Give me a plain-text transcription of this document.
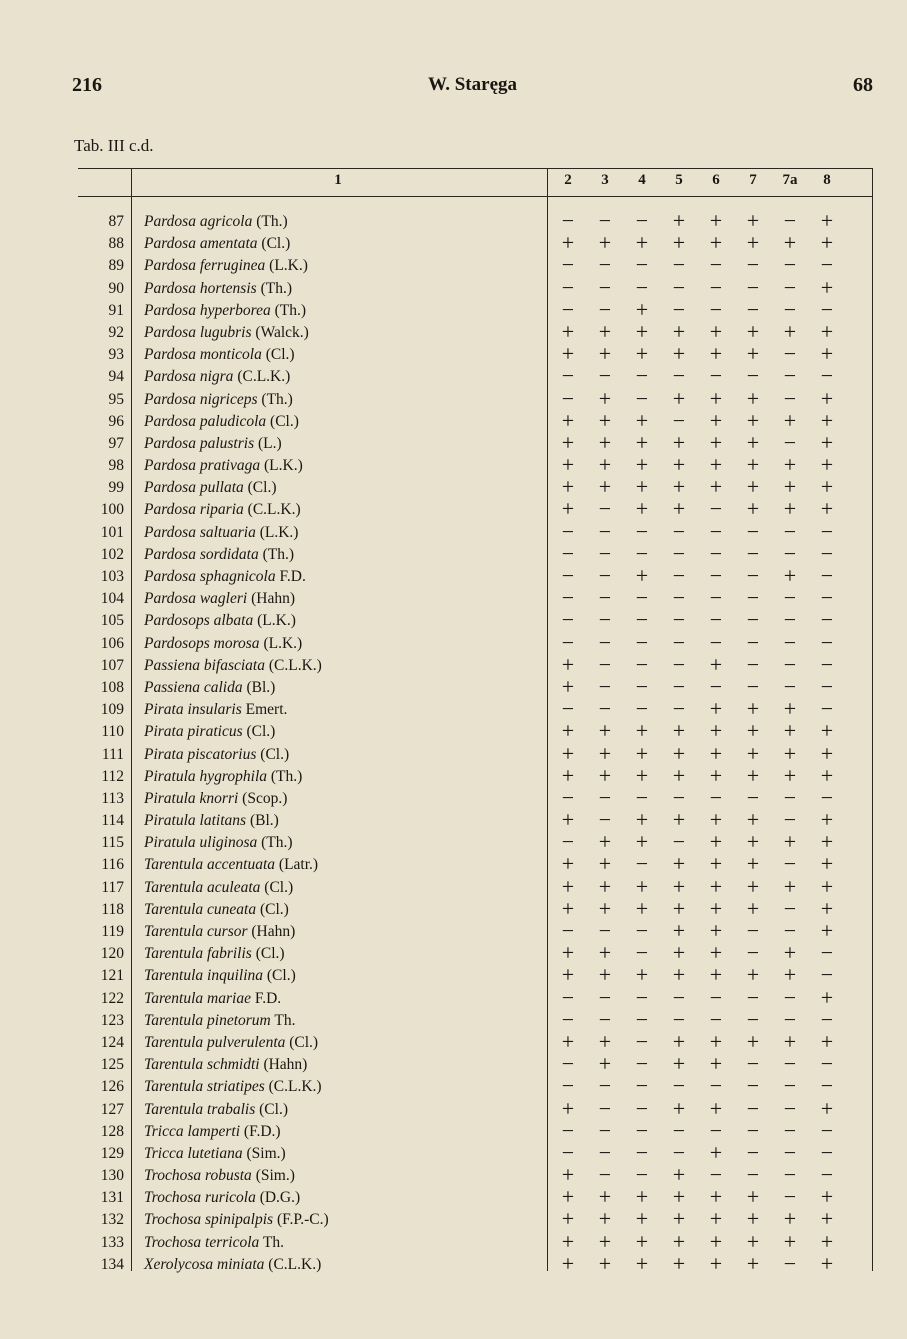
216	W. Staręga	68
Tab. III c.d.
1	2	3	4	5	6	7	7a	8
87 Pardosa agricola (Th.)	−	−	−	+	+	+	−	+
88 Pardosa amentata (Cl.)	+	+	+	+	+	+	+	+
89 Pardosa ferruginea (L.K.)	−	−	−	−	−	−	−	−
90 Pardosa hortensis (Th.)	−	−	−	−	−	−	−	+
91 Pardosa hyperborea (Th.)	−	−	+	−	−	−	−	−
92 Pardosa lugubris (Walck.)	+	+	+	+	+	+	+	+
93 Pardosa monticola (Cl.)	+	+	+	+	+	+	−	+
94 Pardosa nigra (C.L.K.)	−	−	−	−	−	−	−	−
95 Pardosa nigriceps (Th.)	−	+	−	+	+	+	−	+
96 Pardosa paludicola (Cl.)	+	+	+	−	+	+	+	+
97 Pardosa palustris (L.)	+	+	+	+	+	+	−	+
98 Pardosa prativaga (L.K.)	+	+	+	+	+	+	+	+
99 Pardosa pullata (Cl.)	+	+	+	+	+	+	+	+
100 Pardosa riparia (C.L.K.)	+	−	+	+	−	+	+	+
101 Pardosa saltuaria (L.K.)	−	−	−	−	−	−	−	−
102 Pardosa sordidata (Th.)	−	−	−	−	−	−	−	−
103 Pardosa sphagnicola F.D.	−	−	+	−	−	−	+	−
104 Pardosa wagleri (Hahn)	−	−	−	−	−	−	−	−
105 Pardosops albata (L.K.)	−	−	−	−	−	−	−	−
106 Pardosops morosa (L.K.)	−	−	−	−	−	−	−	−
107 Passiena bifasciata (C.L.K.)	+	−	−	−	+	−	−	−
108 Passiena calida (Bl.)	+	−	−	−	−	−	−	−
109 Pirata insularis Emert.	−	−	−	−	+	+	+	−
110 Pirata piraticus (Cl.)	+	+	+	+	+	+	+	+
111 Pirata piscatorius (Cl.)	+	+	+	+	+	+	+	+
112 Piratula hygrophila (Th.)	+	+	+	+	+	+	+	+
113 Piratula knorri (Scop.)	−	−	−	−	−	−	−	−
114 Piratula latitans (Bl.)	+	−	+	+	+	+	−	+
115 Piratula uliginosa (Th.)	−	+	+	−	+	+	+	+
116 Tarentula accentuata (Latr.)	+	+	−	+	+	+	−	+
117 Tarentula aculeata (Cl.)	+	+	+	+	+	+	+	+
118 Tarentula cuneata (Cl.)	+	+	+	+	+	+	−	+
119 Tarentula cursor (Hahn)	−	−	−	+	+	−	−	+
120 Tarentula fabrilis (Cl.)	+	+	−	+	+	−	+	−
121 Tarentula inquilina (Cl.)	+	+	+	+	+	+	+	−
122 Tarentula mariae F.D.	−	−	−	−	−	−	−	+
123 Tarentula pinetorum Th.	−	−	−	−	−	−	−	−
124 Tarentula pulverulenta (Cl.)	+	+	−	+	+	+	+	+
125 Tarentula schmidti (Hahn)	−	+	−	+	+	−	−	−
126 Tarentula striatipes (C.L.K.)	−	−	−	−	−	−	−	−
127 Tarentula trabalis (Cl.)	+	−	−	+	+	−	−	+
128 Tricca lamperti (F.D.)	−	−	−	−	−	−	−	−
129 Tricca lutetiana (Sim.)	−	−	−	−	+	−	−	−
130 Trochosa robusta (Sim.)	+	−	−	+	−	−	−	−
131 Trochosa ruricola (D.G.)	+	+	+	+	+	+	−	+
132 Trochosa spinipalpis (F.P.-C.)	+	+	+	+	+	+	+	+
133 Trochosa terricola Th.	+	+	+	+	+	+	+	+
134 Xerolycosa miniata (C.L.K.)	+	+	+	+	+	+	−	+
